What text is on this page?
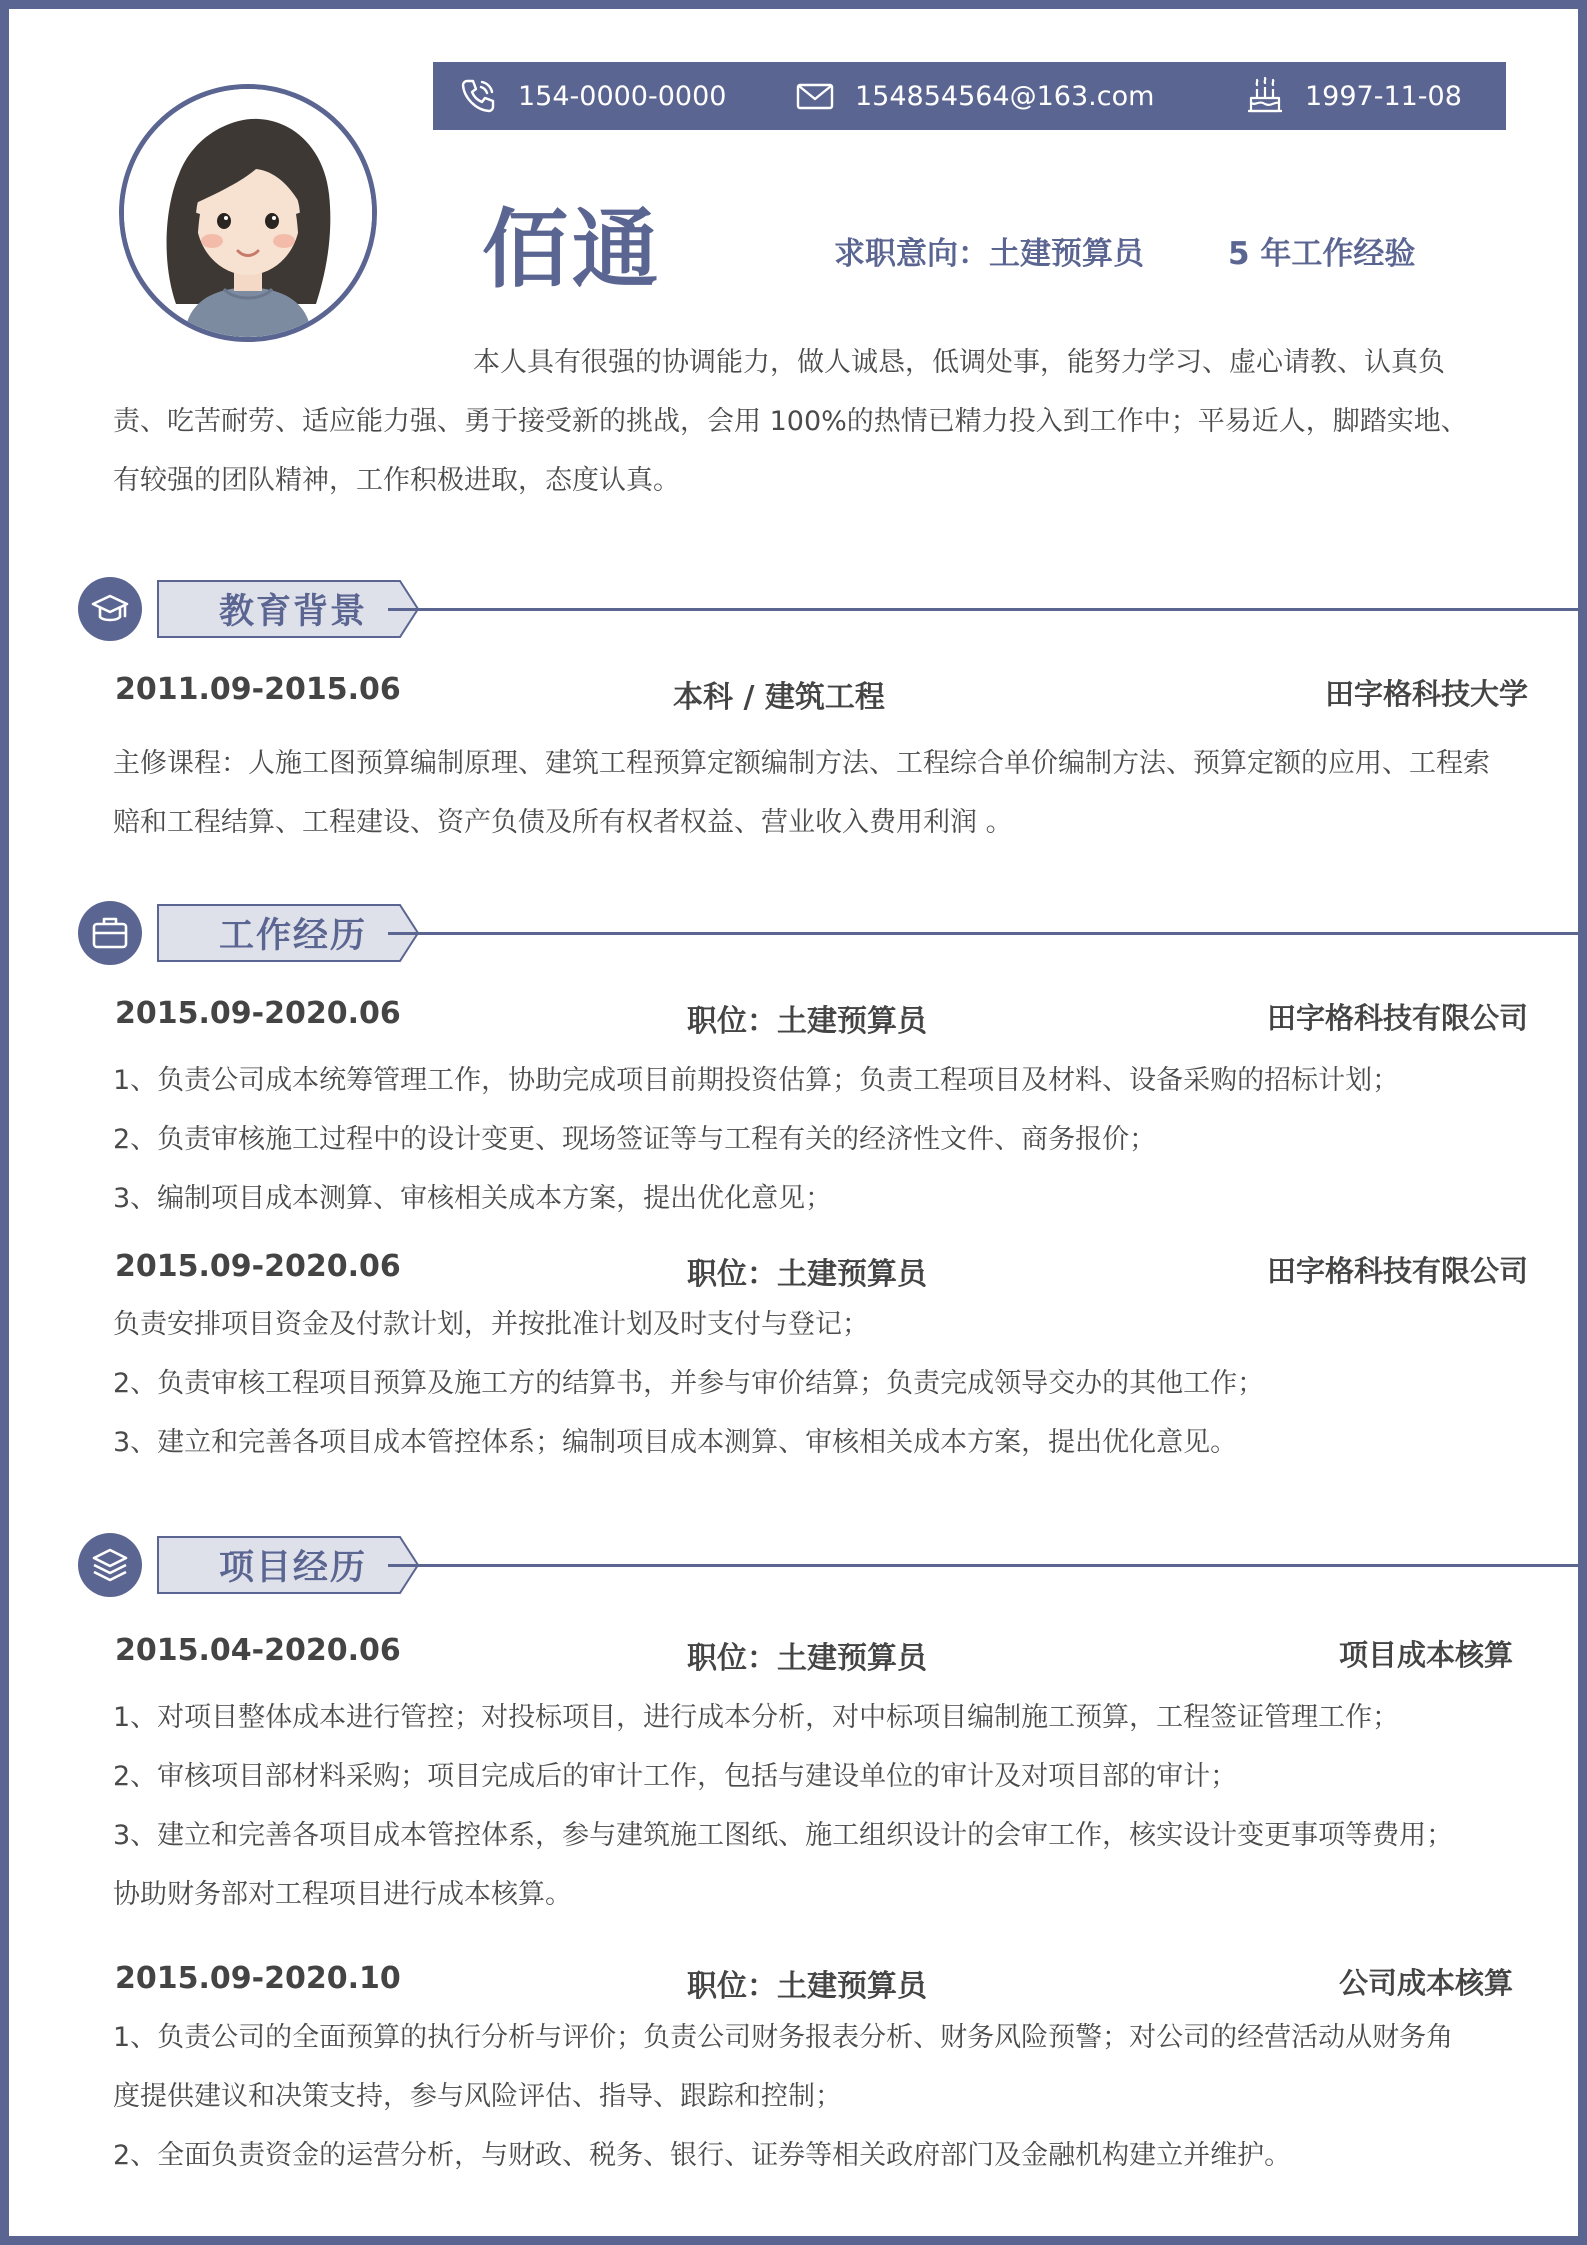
154-0000-0000	154854564@163.com	1997-11-08
佰通	求职意向：土建预算员	5 年工作经验
本人具有很强的协调能力，做人诚恳，低调处事，能努力学习、虚心请教、认真负责、吃苦耐劳、适应能力强、勇于接受新的挑战，会用 100%的热情已精力投入到工作中；平易近人，脚踏实地、有较强的团队精神，工作积极进取，态度认真。
教育背景
2011.09-2015.06	本科 / 建筑工程	田字格科技大学
主修课程：人施工图预算编制原理、建筑工程预算定额编制方法、工程综合单价编制方法、预算定额的应用、工程索赔和工程结算、工程建设、资产负债及所有权者权益、营业收入费用利润 。
工作经历
2015.09-2020.06	职位：土建预算员	田字格科技有限公司
1、负责公司成本统筹管理工作，协助完成项目前期投资估算；负责工程项目及材料、设备采购的招标计划；
2、负责审核施工过程中的设计变更、现场签证等与工程有关的经济性文件、商务报价；
3、编制项目成本测算、审核相关成本方案，提出优化意见；
2015.09-2020.06	职位：土建预算员	田字格科技有限公司
负责安排项目资金及付款计划，并按批准计划及时支付与登记；
2、负责审核工程项目预算及施工方的结算书，并参与审价结算；负责完成领导交办的其他工作；
3、建立和完善各项目成本管控体系；编制项目成本测算、审核相关成本方案，提出优化意见。
项目经历
2015.04-2020.06	职位：土建预算员	项目成本核算
1、对项目整体成本进行管控；对投标项目，进行成本分析，对中标项目编制施工预算，工程签证管理工作；
2、审核项目部材料采购；项目完成后的审计工作，包括与建设单位的审计及对项目部的审计；
3、建立和完善各项目成本管控体系，参与建筑施工图纸、施工组织设计的会审工作，核实设计变更事项等费用；
协助财务部对工程项目进行成本核算。
2015.09-2020.10	职位：土建预算员	公司成本核算
1、负责公司的全面预算的执行分析与评价；负责公司财务报表分析、财务风险预警；对公司的经营活动从财务角
度提供建议和决策支持，参与风险评估、指导、跟踪和控制；
2、全面负责资金的运营分析，与财政、税务、银行、证券等相关政府部门及金融机构建立并维护。
